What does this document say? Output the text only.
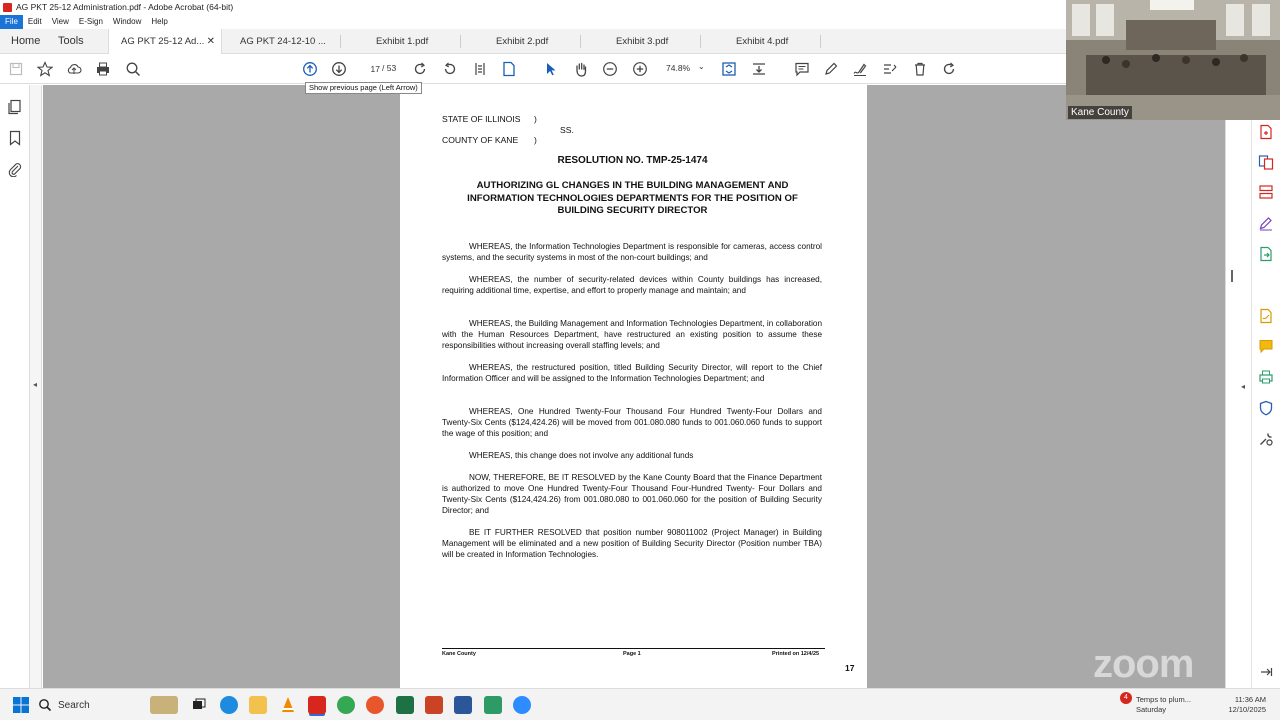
AG PKT 25-12 Administration.pdf - Adobe Acrobat (64-bit)
File	Edit	View	E-Sign	Window	Help
Home Tools	AG PKT 25-12 Ad... ✕	AG PKT 24-12-10 ...	Exhibit 1.pdf	Exhibit 2.pdf	Exhibit 3.pdf	Exhibit 4.pdf
17
/ 53	74.8% ⌄
◂
STATE OF ILLINOIS )
SS.
COUNTY OF KANE )
RESOLUTION NO. TMP-25-1474
AUTHORIZING GL CHANGES IN THE BUILDING MANAGEMENT AND
INFORMATION TECHNOLOGIES DEPARTMENTS FOR THE POSITION OF
BUILDING SECURITY DIRECTOR

WHEREAS, the Information Technologies Department is responsible for cameras, access control systems, and the security systems in most of the non-court buildings; and

WHEREAS, the number of security-related devices within County buildings has increased, requiring additional time, expertise, and effort to properly manage and maintain; and

WHEREAS, the Building Management and Information Technologies Department, in collaboration with the Human Resources Department, have restructured an existing position to assume these responsibilities without increasing overall staffing levels; and

WHEREAS, the restructured position, titled Building Security Director, will report to the Chief Information Officer and will be assigned to the Information Technologies Department; and

WHEREAS, One Hundred Twenty-Four Thousand Four Hundred Twenty-Four Dollars and Twenty-Six Cents ($124,424.26) will be moved from 001.080.080 funds to 001.060.060 funds to support the wage of this position; and

WHEREAS, this change does not involve any additional funds

NOW, THEREFORE, BE IT RESOLVED by the Kane County Board that the Finance Department is authorized to move One Hundred Twenty-Four Thousand Four-Hundred Twenty- Four Dollars and Twenty-Six Cents ($124,424.26) from 001.080.080 to 001.060.060 for the position of Building Security Director; and

BE IT FURTHER RESOLVED that position number 908011002 (Project Manager) in Building Management will be eliminated and a new position of Building Security Director (Position number TBA) will be created in Information Technologies.

Kane County	Page 1	Printed on 12/4/25
17
Show previous page (Left Arrow)
◂
Kane County
zoom
Search
4	Temps to plum...
Saturday
11:36 AM
12/10/2025
